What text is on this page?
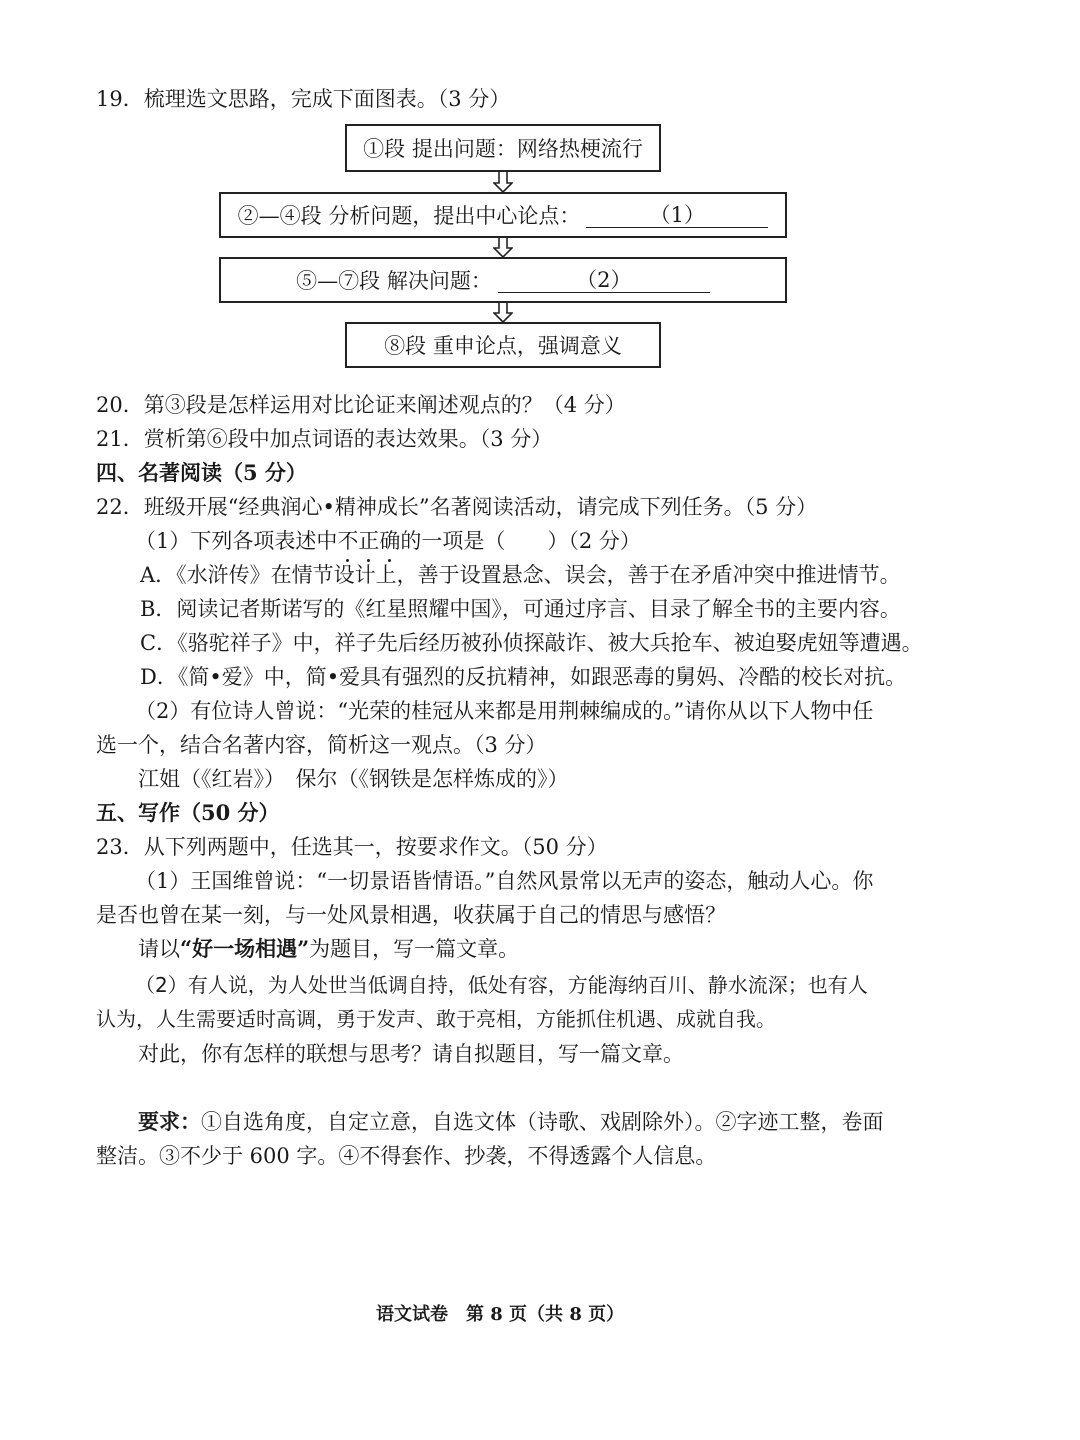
19．梳理选文思路，完成下面图表。（3 分）
①段 提出问题：网络热梗流行
②—④段 分析问题，提出中心论点：	（1）
⑤—⑦段 解决问题：	（2）
⑧段 重申论点，强调意义
20．第③段是怎样运用对比论证来阐述观点的？（4 分）
21．赏析第⑥段中加点词语的表达效果。（3 分）
四、名著阅读（5 分）
22．班级开展“经典润心•精神成长”名著阅读活动，请完成下列任务。（5 分）
（1）下列各项表述中不正确的一项是（　　）（2 分）
A．《水浒传》在情节设计上，善于设置悬念、误会，善于在矛盾冲突中推进情节。
B．阅读记者斯诺写的《红星照耀中国》，可通过序言、目录了解全书的主要内容。
C．《骆驼祥子》中，祥子先后经历被孙侦探敲诈、被大兵抢车、被迫娶虎妞等遭遇。
D．《简•爱》中，简•爱具有强烈的反抗精神，如跟恶毒的舅妈、冷酷的校长对抗。
（2）有位诗人曾说：“光荣的桂冠从来都是用荆棘编成的。”请你从以下人物中任
选一个，结合名著内容，简析这一观点。（3 分）
江姐（《红岩》）　保尔（《钢铁是怎样炼成的》）
五、写作（50 分）
23．从下列两题中，任选其一，按要求作文。（50 分）
（1）王国维曾说：“一切景语皆情语。”自然风景常以无声的姿态，触动人心。你
是否也曾在某一刻，与一处风景相遇，收获属于自己的情思与感悟？
请以“好一场相遇”为题目，写一篇文章。
（2）有人说，为人处世当低调自持，低处有容，方能海纳百川、静水流深；也有人
认为，人生需要适时高调，勇于发声、敢于亮相，方能抓住机遇、成就自我。
对此，你有怎样的联想与思考？请自拟题目，写一篇文章。
要求：①自选角度，自定立意，自选文体（诗歌、戏剧除外）。②字迹工整，卷面
整洁。③不少于 600 字。④不得套作、抄袭，不得透露个人信息。
语文试卷　第 8 页（共 8 页）
